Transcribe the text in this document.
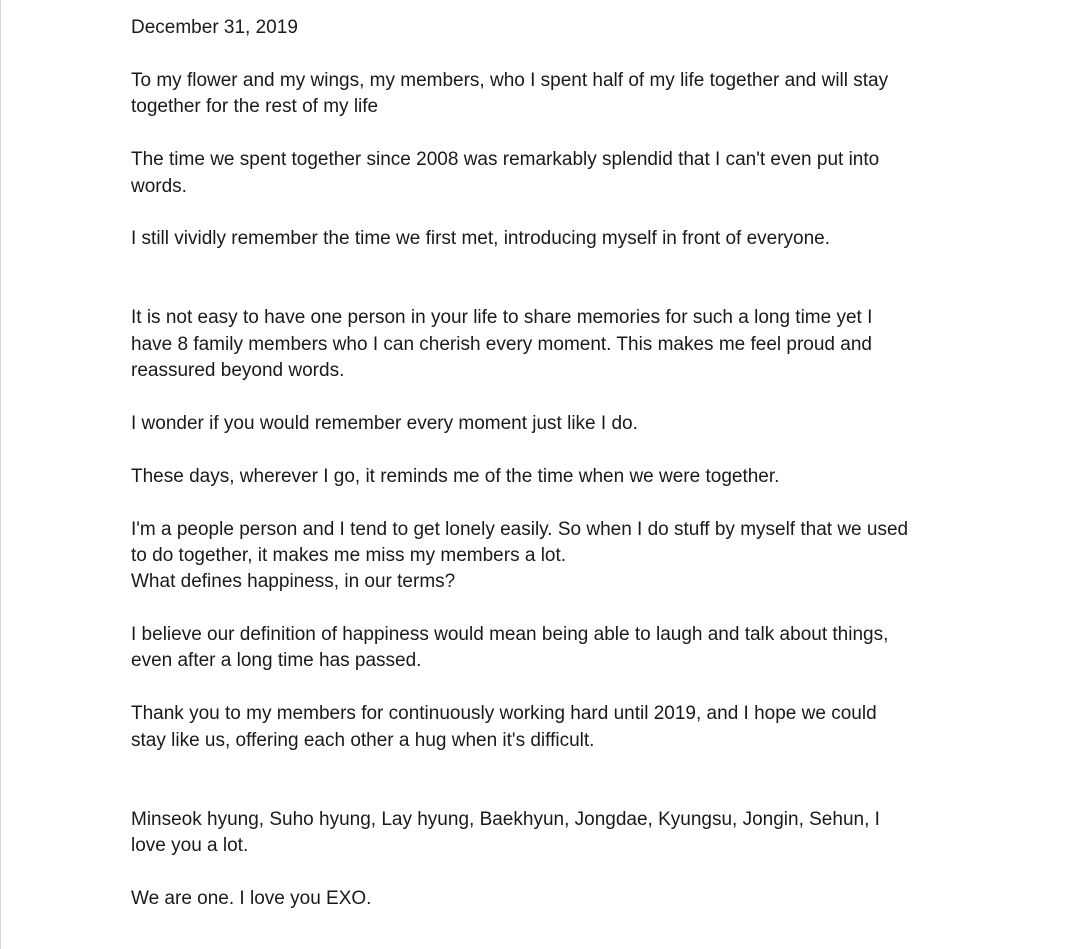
December 31, 2019
To my flower and my wings, my members, who I spent half of my life together and will stay
together for the rest of my life
The time we spent together since 2008 was remarkably splendid that I can't even put into
words.
I still vividly remember the time we first met, introducing myself in front of everyone.
It is not easy to have one person in your life to share memories for such a long time yet I
have 8 family members who I can cherish every moment. This makes me feel proud and
reassured beyond words.
I wonder if you would remember every moment just like I do.
These days, wherever I go, it reminds me of the time when we were together.
I'm a people person and I tend to get lonely easily. So when I do stuff by myself that we used
to do together, it makes me miss my members a lot.
What defines happiness, in our terms?
I believe our definition of happiness would mean being able to laugh and talk about things,
even after a long time has passed.
Thank you to my members for continuously working hard until 2019, and I hope we could
stay like us, offering each other a hug when it's difficult.
Minseok hyung, Suho hyung, Lay hyung, Baekhyun, Jongdae, Kyungsu, Jongin, Sehun, I
love you a lot.
We are one. I love you EXO.
